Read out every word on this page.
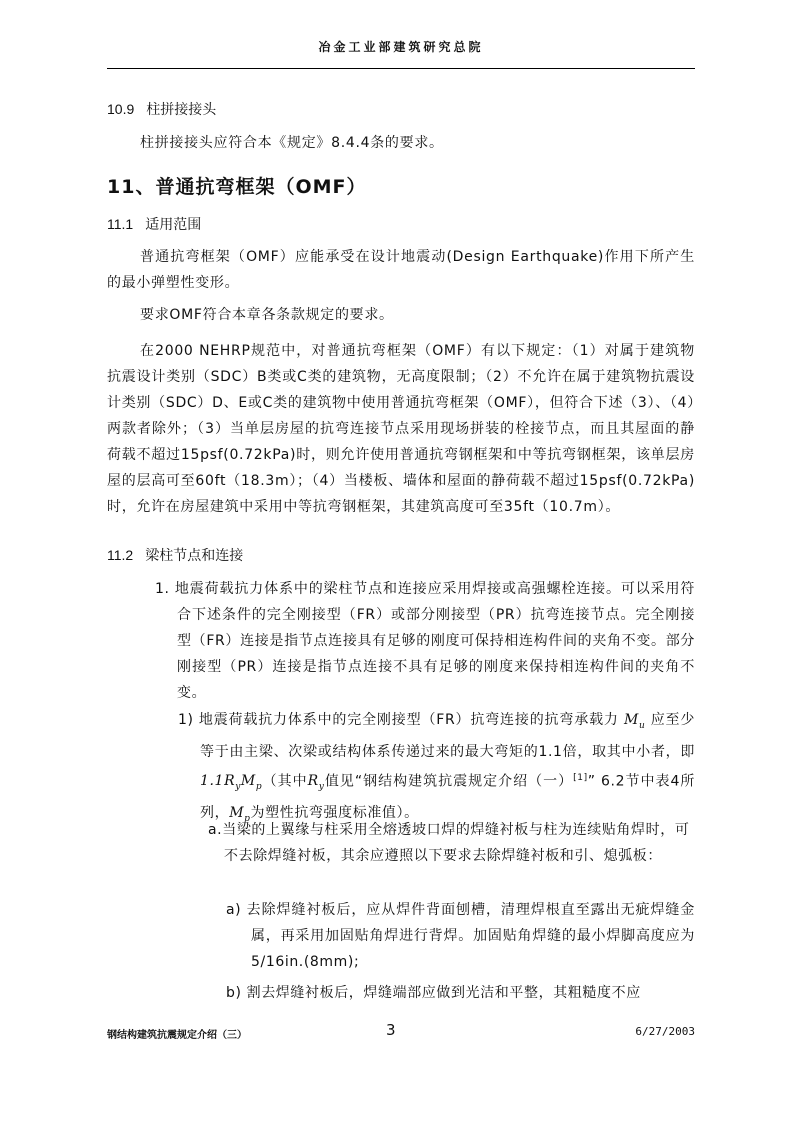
冶金工业部建筑研究总院
10.9 柱拼接接头

柱拼接接头应符合本《规定》8.4.4条的要求。

11、普通抗弯框架（OMF）
11.1 适用范围

普通抗弯框架（OMF）应能承受在设计地震动(Design Earthquake)作用下所产生的最小弹塑性变形。

要求OMF符合本章各条款规定的要求。

在2000 NEHRP规范中，对普通抗弯框架（OMF）有以下规定：（1）对属于建筑物抗震设计类别（SDC）B类或C类的建筑物，无高度限制；（2）不允许在属于建筑物抗震设计类别（SDC）D、E或C类的建筑物中使用普通抗弯框架（OMF），但符合下述（3）、（4）两款者除外；（3）当单层房屋的抗弯连接节点采用现场拼装的栓接节点，而且其屋面的静荷载不超过15psf(0.72kPa)时，则允许使用普通抗弯钢框架和中等抗弯钢框架，该单层房屋的层高可至60ft（18.3m）；（4）当楼板、墙体和屋面的静荷载不超过15psf(0.72kPa)时，允许在房屋建筑中采用中等抗弯钢框架，其建筑高度可至35ft（10.7m）。

11.2 梁柱节点和连接

1. 地震荷载抗力体系中的梁柱节点和连接应采用焊接或高强螺栓连接。可以采用符合下述条件的完全刚接型（FR）或部分刚接型（PR）抗弯连接节点。完全刚接型（FR）连接是指节点连接具有足够的刚度可保持相连构件间的夹角不变。部分刚接型（PR）连接是指节点连接不具有足够的刚度来保持相连构件间的夹角不变。

1) 地震荷载抗力体系中的完全刚接型（FR）抗弯连接的抗弯承载力 $M_u$ 应至少等于由主梁、次梁或结构体系传递过来的最大弯矩的1.1倍，取其中小者，即$1.1R_yM_p$（其中$R_y$值见“钢结构建筑抗震规定介绍（一）[1]” 6.2节中表4所列，$M_p$为塑性抗弯强度标准值）。

a.当梁的上翼缘与柱采用全熔透坡口焊的焊缝衬板与柱为连续贴角焊时，可不去除焊缝衬板，其余应遵照以下要求去除焊缝衬板和引、熄弧板：

a) 去除焊缝衬板后，应从焊件背面刨槽，清理焊根直至露出无疵焊缝金属，再采用加固贴角焊进行背焊。加固贴角焊缝的最小焊脚高度应为5/16in.(8mm);

b) 割去焊缝衬板后，焊缝端部应做到光洁和平整，其粗糙度不应

钢结构建筑抗震规定介绍（三）	3	6/27/2003
